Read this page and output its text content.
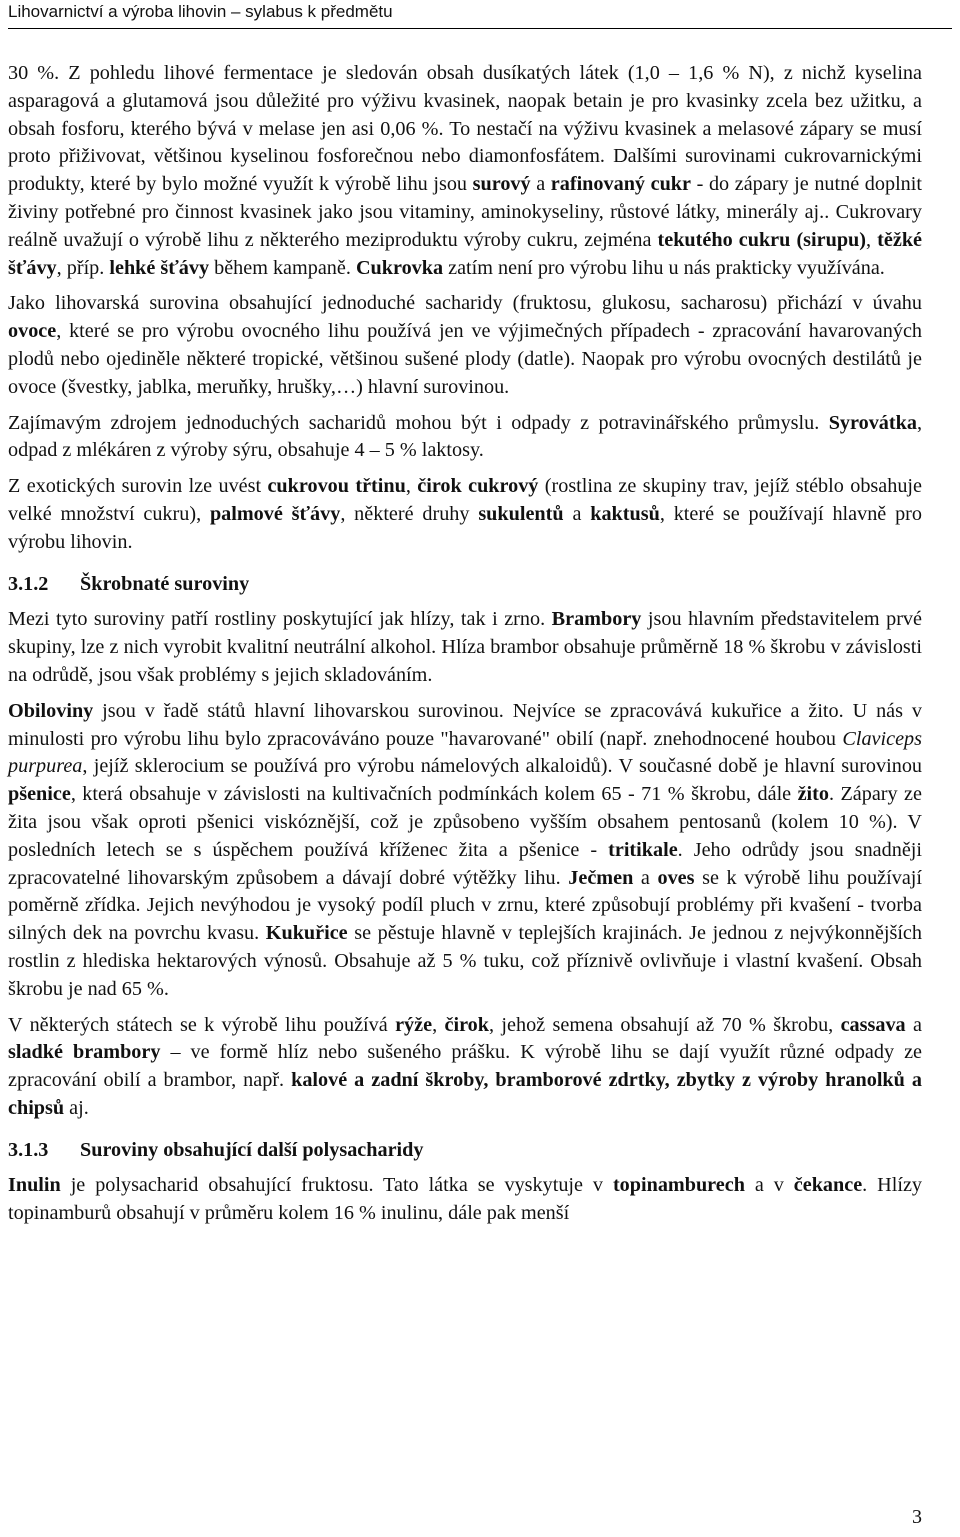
Lihovarnictví a výroba lihovin – sylabus k předmětu

30 %. Z pohledu lihové fermentace je sledován obsah dusíkatých látek (1,0 – 1,6 % N), z nichž kyselina asparagová a glutamová jsou důležité pro výživu kvasinek, naopak betain je pro kvasinky zcela bez užitku, a obsah fosforu, kterého bývá v melase jen asi 0,06 %. To nestačí na výživu kvasinek a melasové zápary se musí proto přiživovat, většinou kyselinou fosforečnou nebo diamonfosfátem. Dalšími surovinami cukrovarnickými produkty, které by bylo možné využít k výrobě lihu jsou surový a rafinovaný cukr - do zápary je nutné doplnit živiny potřebné pro činnost kvasinek jako jsou vitaminy, aminokyseliny, růstové látky, minerály aj.. Cukrovary reálně uvažují o výrobě lihu z některého meziproduktu výroby cukru, zejména tekutého cukru (sirupu), těžké šťávy, příp. lehké šťávy během kampaně. Cukrovka zatím není pro výrobu lihu u nás prakticky využívána.

Jako lihovarská surovina obsahující jednoduché sacharidy (fruktosu, glukosu, sacharosu) přichází v úvahu ovoce, které se pro výrobu ovocného lihu používá jen ve výjimečných případech - zpracování havarovaných plodů nebo ojediněle některé tropické, většinou sušené plody (datle). Naopak pro výrobu ovocných destilátů je ovoce (švestky, jablka, meruňky, hrušky,…) hlavní surovinou.

Zajímavým zdrojem jednoduchých sacharidů mohou být i odpady z potravinářského průmyslu. Syrovátka, odpad z mlékáren z výroby sýru, obsahuje 4 – 5 % laktosy.

Z exotických surovin lze uvést cukrovou třtinu, čirok cukrový (rostlina ze skupiny trav, jejíž stéblo obsahuje velké množství cukru), palmové šťávy, některé druhy sukulentů a kaktusů, které se používají hlavně pro výrobu lihovin.

3.1.2 Škrobnaté suroviny

Mezi tyto suroviny patří rostliny poskytující jak hlízy, tak i zrno. Brambory jsou hlavním představitelem prvé skupiny, lze z nich vyrobit kvalitní neutrální alkohol. Hlíza brambor obsahuje průměrně 18 % škrobu v závislosti na odrůdě, jsou však problémy s jejich skladováním.

Obiloviny jsou v řadě států hlavní lihovarskou surovinou. Nejvíce se zpracovává kukuřice a žito. U nás v minulosti pro výrobu lihu bylo zpracováváno pouze "havarované" obilí (např. znehodnocené houbou Claviceps purpurea, jejíž sklerocium se používá pro výrobu námelových alkaloidů). V současné době je hlavní surovinou pšenice, která obsahuje v závislosti na kultivačních podmínkách kolem 65 - 71 % škrobu, dále žito. Zápary ze žita jsou však oproti pšenici viskóznější, což je způsobeno vyšším obsahem pentosanů (kolem 10 %). V posledních letech se s úspěchem používá kříženec žita a pšenice - tritikale. Jeho odrůdy jsou snadněji zpracovatelné lihovarským způsobem a dávají dobré výtěžky lihu. Ječmen a oves se k výrobě lihu používají poměrně zřídka. Jejich nevýhodou je vysoký podíl pluch v zrnu, které způsobují problémy při kvašení - tvorba silných dek na povrchu kvasu. Kukuřice se pěstuje hlavně v teplejších krajinách. Je jednou z nejvýkonnějších rostlin z hlediska hektarových výnosů. Obsahuje až 5 % tuku, což příznivě ovlivňuje i vlastní kvašení. Obsah škrobu je nad 65 %.

V některých státech se k výrobě lihu používá rýže, čirok, jehož semena obsahují až 70 % škrobu, cassava a sladké brambory – ve formě hlíz nebo sušeného prášku. K výrobě lihu se dají využít různé odpady ze zpracování obilí a brambor, např. kalové a zadní škroby, bramborové zdrtky, zbytky z výroby hranolků a chipsů aj.

3.1.3 Suroviny obsahující další polysacharidy

Inulin je polysacharid obsahující fruktosu. Tato látka se vyskytuje v topinamburech a v čekance. Hlízy topinamburů obsahují v průměru kolem 16 % inulinu, dále pak menší

3
